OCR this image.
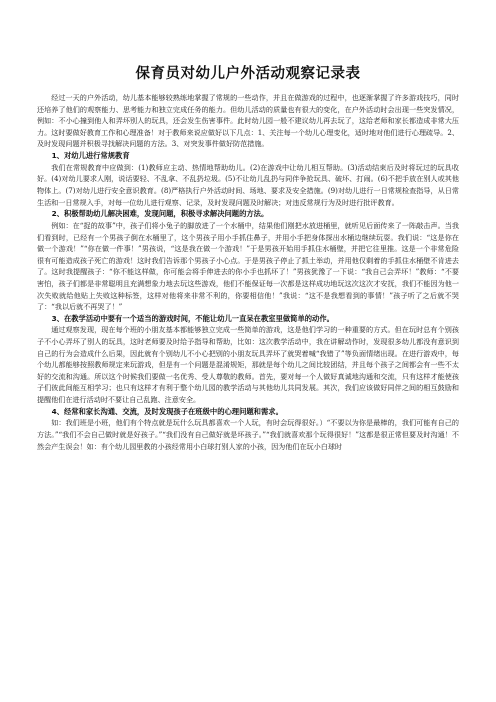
保育员对幼儿户外活动观察记录表

经过一天的户外活动，幼儿基本能够较熟练地掌握了常规的一些动作，并且在做游戏的过程中，也逐渐掌握了许多游戏技巧，同时还培养了他们的观察能力、思考能力和独立完成任务的能力。但幼儿活动的质量也有很大的变化，在户外活动时会出现一些突发情况，例如：不小心撞到他人和弄坏别人的玩具，还会发生伤害事件。此时幼儿园一般不建议幼儿再去玩了，这给老师和家长都造成非常大压力。这时要做好教育工作和心理准备！对于教师来说应做好以下几点：1、关注每一个幼儿心理变化，适时地对他们进行心理疏导。2、及时发现问题并积极寻找解决问题的方法。3、对突发事件做好防范措施。

1、对幼儿进行常规教育

我们在常规教育中应做到：(1)教师应主动、热情地帮助幼儿。(2)在游戏中让幼儿相互帮助。(3)活动结束后及时将玩过的玩具收好。(4)对幼儿要求人刚，说话要轻、不乱拿、不乱扔垃圾。(5)不让幼儿乱扔与同伴争抢玩具、破坏、打闹。(6)不把手放在别人或其他物体上。(7)对幼儿进行安全意识教育。(8)严格执行户外活动时间、场地、要求及安全措施。(9)对幼儿进行一日常规检查指导，从日常生活和一日常规入手，对每一位幼儿进行观察、记录，及时发现问题及时解决；对违反常规行为及时进行批评教育。

2、积极帮助幼儿解决困难，发现问题，积极寻求解决问题的方法。

例如：在“捉的故事”中，孩子们将小兔子的脚放进了一个水桶中，结果他们刚把水放进桶里，就听见后面传来了一阵敲击声。当我们看到时，已经有一个男孩子倒在水桶里了，这个男孩子用小手抓住鼻子，并用小手把身体探出水桶边继续玩耍。我们说：“这是你在做一个游戏！”“你在做一件事！”男孩说，“这是我在做一个游戏！”于是男孩开始用手抓住水桶壁，并把它往里推。这是一个非常危险很有可能造成孩子死亡的游戏！这时我们告诉那个男孩子小心点。于是男孩子停止了抓土举动，并用他仅剩着的手抓住水桶壁不肯进去了。这时我提醒孩子：“你不能这样做，你可能会将手伸进去的你小手也抓坏了！”男孩犹豫了一下说：“我自己会弄坏！”教师：“不要害怕，孩子们都是非常聪明且充满想象力地去玩这些游戏，他们不能保证每一次都是这样成功地玩这次这次才安抚，我们不能因为他一次失败就给他贴上失败这种标签，这样对他将来非常不利的，你要相信他！”我说：“这不是我想看到的事情！”孩子听了之后就不哭了：“我以后就不再哭了！”

3、在教学活动中要有一个适当的游戏时间，不能让幼儿一直呆在教室里做简单的动作。

通过观察发现，现在每个班的小朋友基本都能够独立完成一些简单的游戏，这是他们学习的一种重要的方式。但在玩时总有个别孩子不小心弄坏了别人的玩具，这时老师要及时给予指导和帮助，比如：这次教学活动中，我在讲解动作时，发现很多幼儿都没有意识到自己的行为会造成什么后果，因此就有个别幼儿不小心把别的小朋友玩具弄坏了就哭着喊“我错了”等负面情绪出现。在进行游戏中，每个幼儿都能够按照教师规定来玩游戏，但是有一个问题是混淆规矩，那就是每个幼儿之间比较团结，并且每个孩子之间都会有一些不太好的交流和沟通。所以这个时候我们要做一名优秀、受人尊敬的教师。首先，要对每一个人做好真诚地沟通和交流，只有这样才能使孩子们彼此间能互相学习；也只有这样才有利于整个幼儿园的教学活动与其他幼儿共同发展。其次，我们应该做好同伴之间的相互鼓励和提醒他们在进行活动时不要让自己乱跑、注意安全。

4、经常和家长沟通、交流，及时发现孩子在班级中的心理问题和需求。

如：我们班是小班，他们有个特点就是玩什么玩具都喜欢一个人玩，有时会玩得很好。）“不要以为你是最棒的，我们可能有自己的方法。”“我们不会自己做时就是好孩子。”“我们没有自己做好就是坏孩子。”“我们就喜欢那个玩得很好！”这都是很正常但要及时沟通！不然会产生误会！如：有个幼儿园里教的小孩经常用小白球打别人家的小孩，因为他们在玩小白球时
